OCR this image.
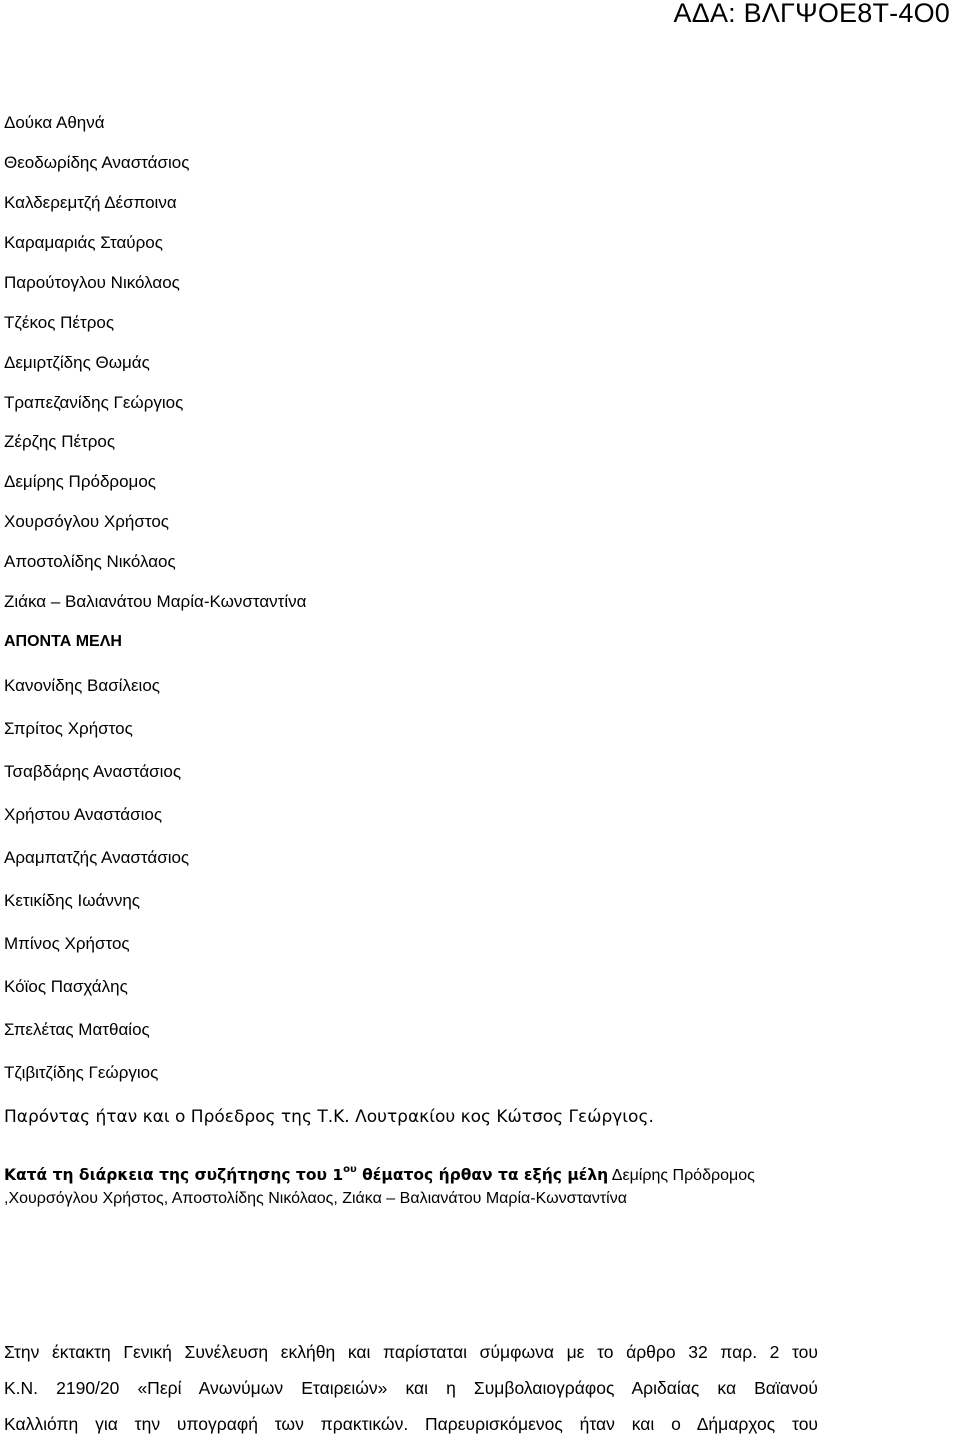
ΑΔΑ: ΒΛΓΨΟΕ8Τ-4Ο0
Δούκα Αθηνά
Θεοδωρίδης Αναστάσιος
Καλδερεμτζή Δέσποινα
Καραμαριάς Σταύρος
Παρούτογλου Νικόλαος
Τζέκος Πέτρος
Δεμιρτζίδης Θωμάς
Τραπεζανίδης Γεώργιος
Ζέρζης Πέτρος
Δεμίρης Πρόδρομος
Χουρσόγλου Χρήστος
Αποστολίδης Νικόλαος
Ζιάκα – Βαλιανάτου Μαρία-Κωνσταντίνα
ΑΠΟΝΤΑ ΜΕΛΗ
Κανονίδης Βασίλειος
Σπρίτος Χρήστος
Τσαβδάρης Αναστάσιος
Χρήστου Αναστάσιος
Αραμπατζής Αναστάσιος
Κετικίδης Ιωάννης
Μπίνος Χρήστος
Κόϊος Πασχάλης
Σπελέτας Ματθαίος
Τζιβιτζίδης Γεώργιος
Παρόντας ήταν και ο Πρόεδρος της Τ.Κ. Λουτρακίου κος Κώτσος Γεώργιος.
Κατά τη διάρκεια της συζήτησης του $1^{o\upsilon}$ θέματος ήρθαν τα εξής μέλη Δεμίρης Πρόδρομος ,Χουρσόγλου Χρήστος, Αποστολίδης Νικόλαος, Ζιάκα – Βαλιανάτου Μαρία-Κωνσταντίνα

Στην έκτακτη Γενική Συνέλευση εκλήθη και παρίσταται σύμφωνα με το άρθρο 32 παρ. 2 του

Κ.Ν. 2190/20 «Περί Ανωνύμων Εταιρειών» και η Συμβολαιογράφος Αριδαίας κα Βαϊανού

Καλλιόπη για την υπογραφή των πρακτικών. Παρευρισκόμενος ήταν και ο Δήμαρχος του
